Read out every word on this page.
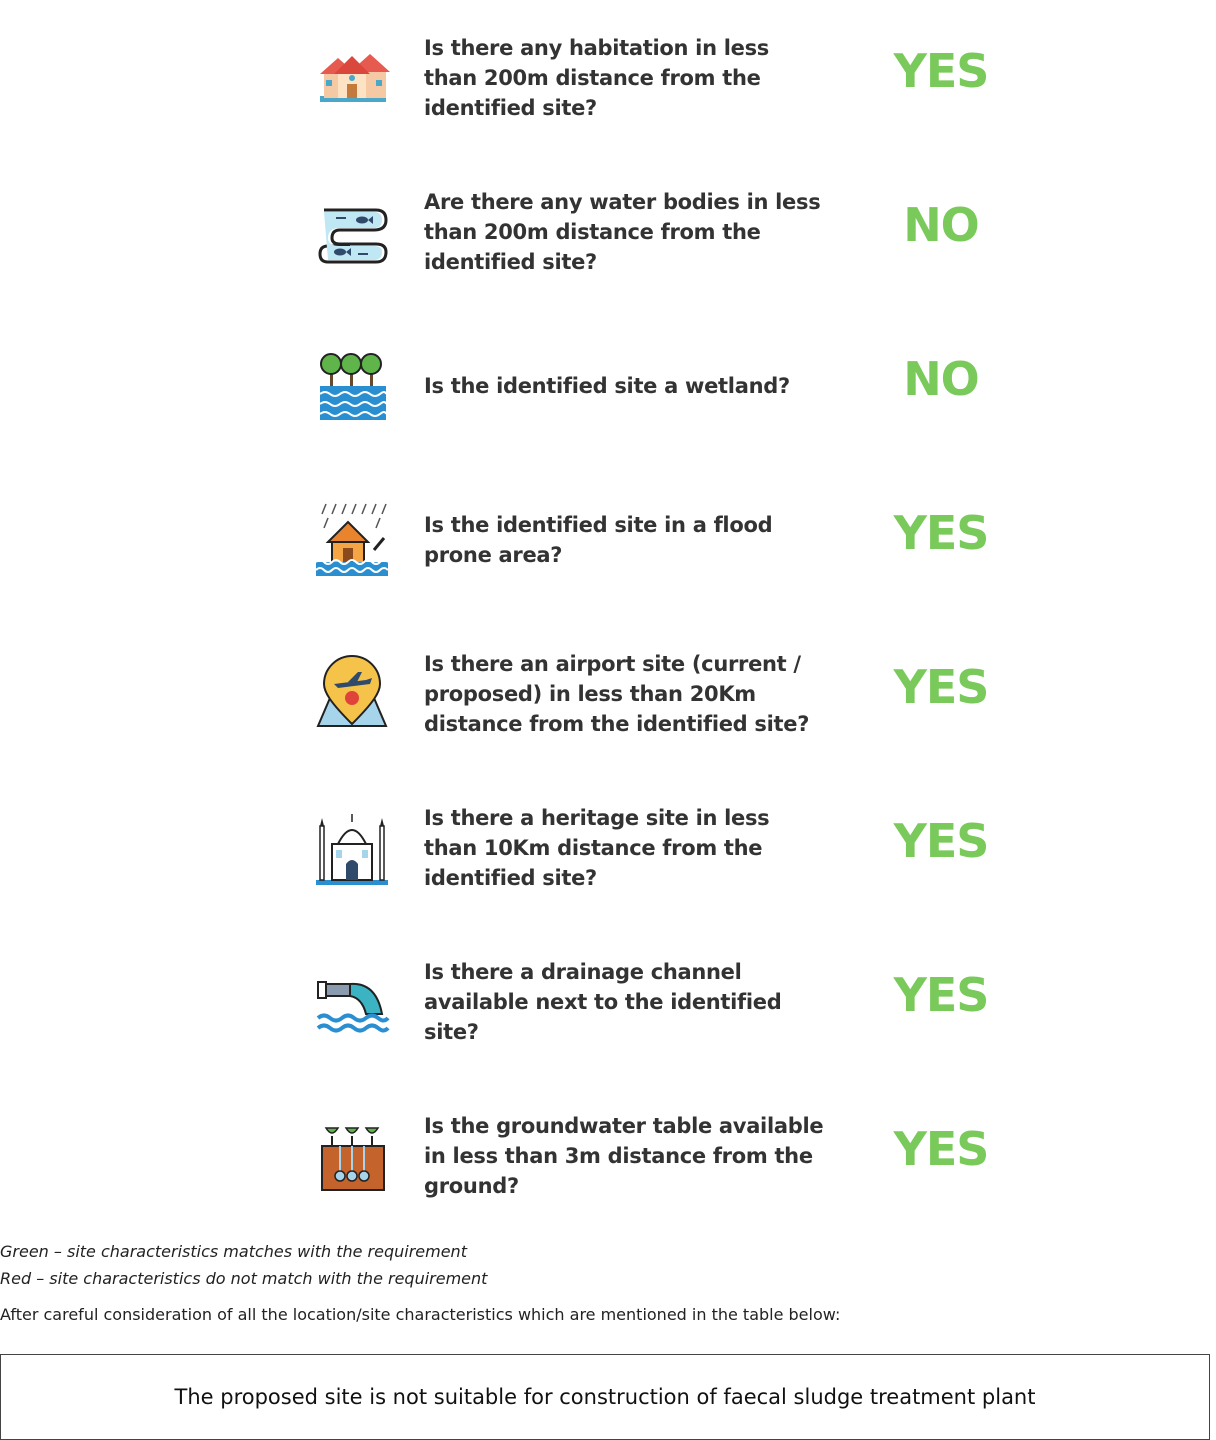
Is there any habitation in less than 200m distance from the identified site?
YES
Are there any water bodies in less than 200m distance from the identified site?
NO
Is the identified site a wetland?	NO
Is the identified site in a flood prone area?	YES
Is there an airport site (current / proposed) in less than 20Km distance from the identified site?
YES
Is there a heritage site in less than 10Km distance from the identified site?
YES
Is there a drainage channel available next to the identified site?
YES
Is the groundwater table available in less than 3m distance from the ground?
YES
Green – site characteristics matches with the requirement
Red – site characteristics do not match with the requirement
After careful consideration of all the location/site characteristics which are mentioned in the table below:
The proposed site is not suitable for construction of faecal sludge treatment plant
